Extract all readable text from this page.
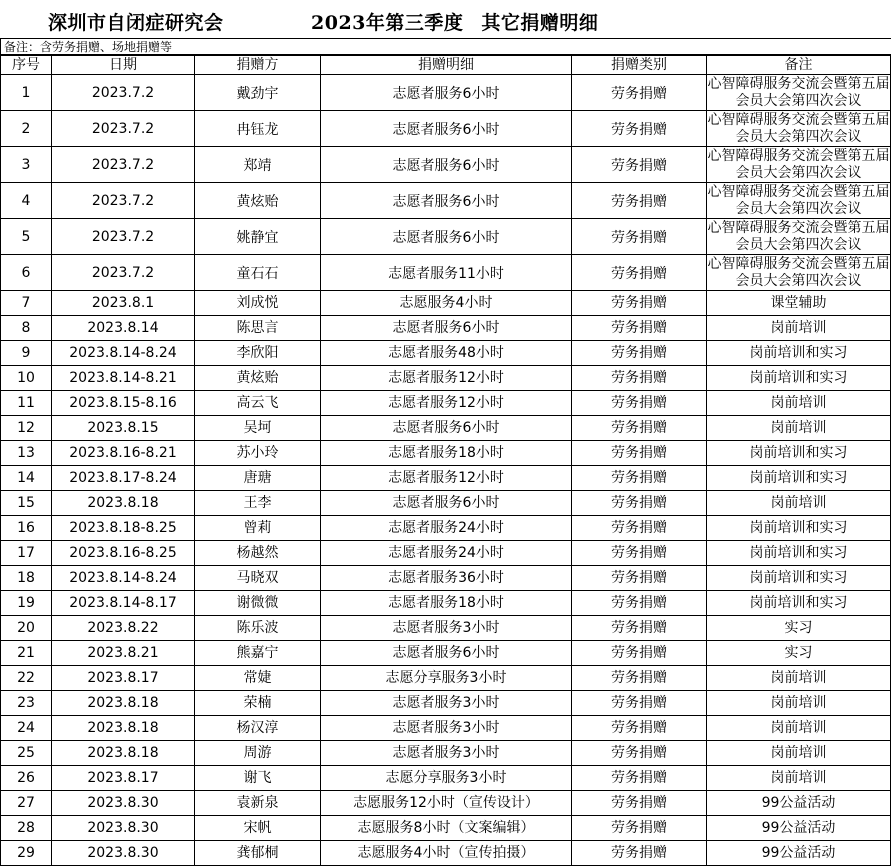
深圳市自闭症研究会	2023年第三季度 其它捐赠明细
备注：含劳务捐赠、场地捐赠等
序号	日期	捐赠方	捐赠明细	捐赠类别	备注
1	2023.7.2	戴劲宇	志愿者服务6小时	劳务捐赠	心智障碍服务交流会暨第五届会员大会第四次会议
2	2023.7.2	冉钰龙	志愿者服务6小时	劳务捐赠	心智障碍服务交流会暨第五届会员大会第四次会议
3	2023.7.2	郑靖	志愿者服务6小时	劳务捐赠	心智障碍服务交流会暨第五届会员大会第四次会议
4	2023.7.2	黄炫贻	志愿者服务6小时	劳务捐赠	心智障碍服务交流会暨第五届会员大会第四次会议
5	2023.7.2	姚静宜	志愿者服务6小时	劳务捐赠	心智障碍服务交流会暨第五届会员大会第四次会议
6	2023.7.2	童石石	志愿者服务11小时	劳务捐赠	心智障碍服务交流会暨第五届会员大会第四次会议
7	2023.8.1	刘成悦	志愿服务4小时	劳务捐赠	课堂辅助
8	2023.8.14	陈思言	志愿者服务6小时	劳务捐赠	岗前培训
9	2023.8.14-8.24	李欣阳	志愿者服务48小时	劳务捐赠	岗前培训和实习
10	2023.8.14-8.21	黄炫贻	志愿者服务12小时	劳务捐赠	岗前培训和实习
11	2023.8.15-8.16	高云飞	志愿者服务12小时	劳务捐赠	岗前培训
12	2023.8.15	吴坷	志愿者服务6小时	劳务捐赠	岗前培训
13	2023.8.16-8.21	苏小玲	志愿者服务18小时	劳务捐赠	岗前培训和实习
14	2023.8.17-8.24	唐瑭	志愿者服务12小时	劳务捐赠	岗前培训和实习
15	2023.8.18	王李	志愿者服务6小时	劳务捐赠	岗前培训
16	2023.8.18-8.25	曾莉	志愿者服务24小时	劳务捐赠	岗前培训和实习
17	2023.8.16-8.25	杨越然	志愿者服务24小时	劳务捐赠	岗前培训和实习
18	2023.8.14-8.24	马晓双	志愿者服务36小时	劳务捐赠	岗前培训和实习
19	2023.8.14-8.17	谢微微	志愿者服务18小时	劳务捐赠	岗前培训和实习
20	2023.8.22	陈乐波	志愿者服务3小时	劳务捐赠	实习
21	2023.8.21	熊嘉宁	志愿者服务6小时	劳务捐赠	实习
22	2023.8.17	常婕	志愿分享服务3小时	劳务捐赠	岗前培训
23	2023.8.18	荣楠	志愿者服务3小时	劳务捐赠	岗前培训
24	2023.8.18	杨汉淳	志愿者服务3小时	劳务捐赠	岗前培训
25	2023.8.18	周游	志愿者服务3小时	劳务捐赠	岗前培训
26	2023.8.17	谢飞	志愿分享服务3小时	劳务捐赠	岗前培训
27	2023.8.30	袁新泉	志愿服务12小时（宣传设计）	劳务捐赠	99公益活动
28	2023.8.30	宋帆	志愿服务8小时（文案编辑）	劳务捐赠	99公益活动
29	2023.8.30	龚郁桐	志愿服务4小时（宣传拍摄）	劳务捐赠	99公益活动
